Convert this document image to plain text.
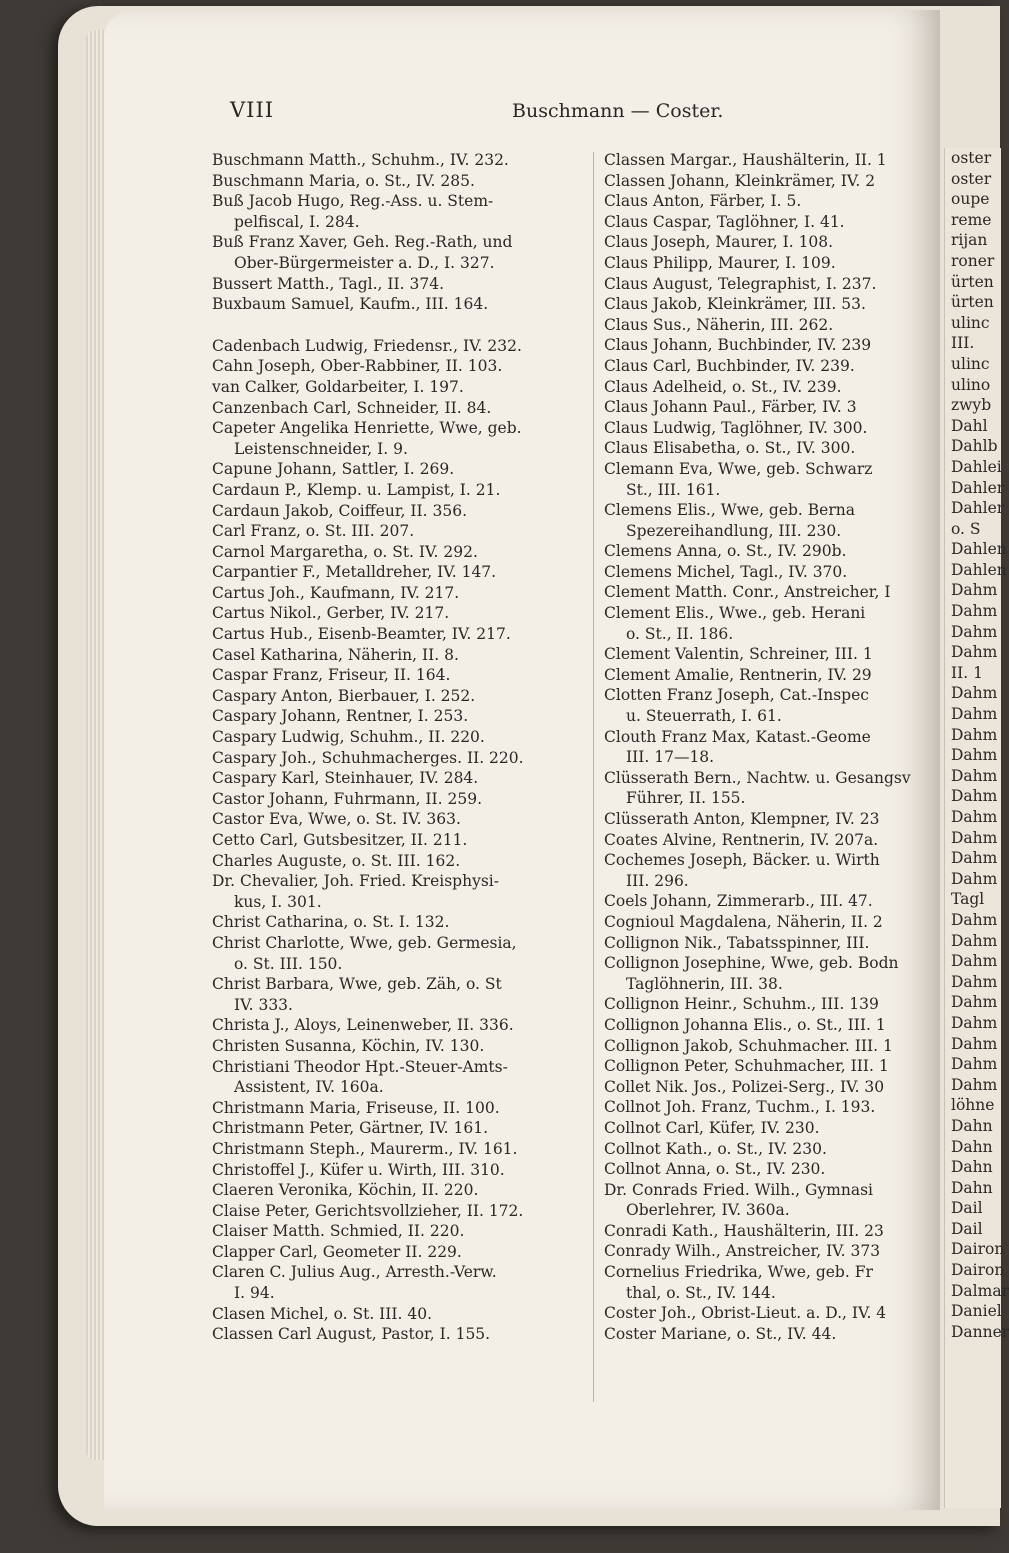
VIII	Buschmann — Coster.
Buschmann Matth., Schuhm., IV. 232.
Buschmann Maria, o. St., IV. 285.
Buß Jacob Hugo, Reg.-Ass. u. Stem-
pelfiscal, I. 284.
Buß Franz Xaver, Geh. Reg.-Rath, und
Ober-Bürgermeister a. D., I. 327.
Bussert Matth., Tagl., II. 374.
Buxbaum Samuel, Kaufm., III. 164.
Cadenbach Ludwig, Friedensr., IV. 232.
Cahn Joseph, Ober-Rabbiner, II. 103.
van Calker, Goldarbeiter, I. 197.
Canzenbach Carl, Schneider, II. 84.
Capeter Angelika Henriette, Wwe, geb.
Leistenschneider, I. 9.
Capune Johann, Sattler, I. 269.
Cardaun P., Klemp. u. Lampist, I. 21.
Cardaun Jakob, Coiffeur, II. 356.
Carl Franz, o. St. III. 207.
Carnol Margaretha, o. St. IV. 292.
Carpantier F., Metalldreher, IV. 147.
Cartus Joh., Kaufmann, IV. 217.
Cartus Nikol., Gerber, IV. 217.
Cartus Hub., Eisenb-Beamter, IV. 217.
Casel Katharina, Näherin, II. 8.
Caspar Franz, Friseur, II. 164.
Caspary Anton, Bierbauer, I. 252.
Caspary Johann, Rentner, I. 253.
Caspary Ludwig, Schuhm., II. 220.
Caspary Joh., Schuhmacherges. II. 220.
Caspary Karl, Steinhauer, IV. 284.
Castor Johann, Fuhrmann, II. 259.
Castor Eva, Wwe, o. St. IV. 363.
Cetto Carl, Gutsbesitzer, II. 211.
Charles Auguste, o. St. III. 162.
Dr. Chevalier, Joh. Fried. Kreisphysi-
kus, I. 301.
Christ Catharina, o. St. I. 132.
Christ Charlotte, Wwe, geb. Germesia,
o. St. III. 150.
Christ Barbara, Wwe, geb. Zäh, o. St
IV. 333.
Christa J., Aloys, Leinenweber, II. 336.
Christen Susanna, Köchin, IV. 130.
Christiani Theodor Hpt.-Steuer-Amts-
Assistent, IV. 160a.
Christmann Maria, Friseuse, II. 100.
Christmann Peter, Gärtner, IV. 161.
Christmann Steph., Maurerm., IV. 161.
Christoffel J., Küfer u. Wirth, III. 310.
Claeren Veronika, Köchin, II. 220.
Claise Peter, Gerichtsvollzieher, II. 172.
Claiser Matth. Schmied, II. 220.
Clapper Carl, Geometer II. 229.
Claren C. Julius Aug., Arresth.-Verw.
I. 94.
Clasen Michel, o. St. III. 40.
Classen Carl August, Pastor, I. 155.
Classen Margar., Haushälterin, II. 1
Classen Johann, Kleinkrämer, IV. 2
Claus Anton, Färber, I. 5.
Claus Caspar, Taglöhner, I. 41.
Claus Joseph, Maurer, I. 108.
Claus Philipp, Maurer, I. 109.
Claus August, Telegraphist, I. 237.
Claus Jakob, Kleinkrämer, III. 53.
Claus Sus., Näherin, III. 262.
Claus Johann, Buchbinder, IV. 239
Claus Carl, Buchbinder, IV. 239.
Claus Adelheid, o. St., IV. 239.
Claus Johann Paul., Färber, IV. 3
Claus Ludwig, Taglöhner, IV. 300.
Claus Elisabetha, o. St., IV. 300.
Clemann Eva, Wwe, geb. Schwarz
St., III. 161.
Clemens Elis., Wwe, geb. Berna
Spezereihandlung, III. 230.
Clemens Anna, o. St., IV. 290b.
Clemens Michel, Tagl., IV. 370.
Clement Matth. Conr., Anstreicher, I
Clement Elis., Wwe., geb. Herani
o. St., II. 186.
Clement Valentin, Schreiner, III. 1
Clement Amalie, Rentnerin, IV. 29
Clotten Franz Joseph, Cat.-Inspec
u. Steuerrath, I. 61.
Clouth Franz Max, Katast.-Geome
III. 17—18.
Clüsserath Bern., Nachtw. u. Gesangsv
Führer, II. 155.
Clüsserath Anton, Klempner, IV. 23
Coates Alvine, Rentnerin, IV. 207a.
Cochemes Joseph, Bäcker. u. Wirth
III. 296.
Coels Johann, Zimmerarb., III. 47.
Cognioul Magdalena, Näherin, II. 2
Collignon Nik., Tabatsspinner, III.
Collignon Josephine, Wwe, geb. Bodn
Taglöhnerin, III. 38.
Collignon Heinr., Schuhm., III. 139
Collignon Johanna Elis., o. St., III. 1
Collignon Jakob, Schuhmacher. III. 1
Collignon Peter, Schuhmacher, III. 1
Collet Nik. Jos., Polizei-Serg., IV. 30
Collnot Joh. Franz, Tuchm., I. 193.
Collnot Carl, Küfer, IV. 230.
Collnot Kath., o. St., IV. 230.
Collnot Anna, o. St., IV. 230.
Dr. Conrads Fried. Wilh., Gymnasi
Oberlehrer, IV. 360a.
Conradi Kath., Haushälterin, III. 23
Conrady Wilh., Anstreicher, IV. 373
Cornelius Friedrika, Wwe, geb. Fr
thal, o. St., IV. 144.
Coster Joh., Obrist-Lieut. a. D., IV. 4
Coster Mariane, o. St., IV. 44.
oster
oster
oupe
reme
rijan
roner
ürten
ürten
ulinc
III.
ulinc
ulino
zwyb
Dahl
Dahlb
Dahlei
Dahler
Dahler
o. S
Dahlen
Dahlen
Dahm
Dahm
Dahm
Dahm
II. 1
Dahm
Dahm
Dahm
Dahm
Dahm
Dahm
Dahm
Dahm
Dahm
Dahm
Tagl
Dahm
Dahm
Dahm
Dahm
Dahm
Dahm
Dahm
Dahm
Dahm
löhne
Dahn
Dahn
Dahn
Dahn
Dail
Dail
Dairon
Dairon
Dalmar
Daniel
Danner
